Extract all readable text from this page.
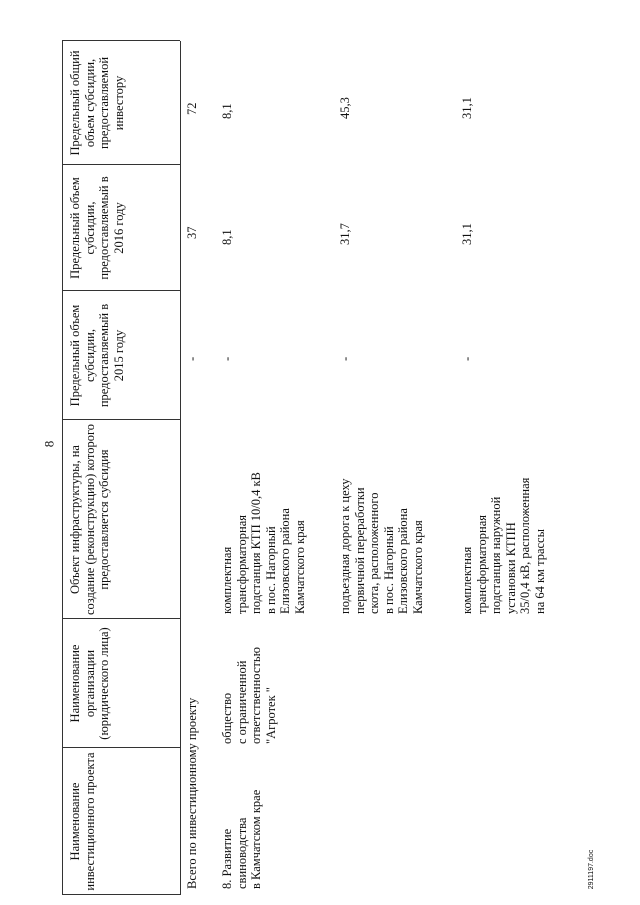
8
2911197.doc
Наименование инвестиционного проекта
Наименование организации (юридического лица)
Объект инфраструктуры, на создание (реконструкцию) которого предоставляется субсидия
Предельный объем субсидии, предоставляемый в 2015 году
Предельный объем субсидии, предоставляемый в 2016 году
Предельный общий объем субсидии, предоставляемой инвестору
Всего по инвестиционному проекту
-
37
72
8. Развитие
свиноводства
в Камчатском крае
общество
с ограниченной
ответственностью
"Агротек "
комплектная
трансформаторная
подстанция КТП 10/0,4 кВ
в пос. Нагорный
Елизовского района
Камчатского края
-
8,1
8,1
подъездная дорога к цеху
первичной переработки
скота, расположенного
в пос. Нагорный
Елизовского района
Камчатского края
-
31,7
45,3
комплектная
трансформаторная
подстанция наружной
установки КТПН
35/0,4 кВ, расположенная
на 64 км трассы
-
31,1
31,1
